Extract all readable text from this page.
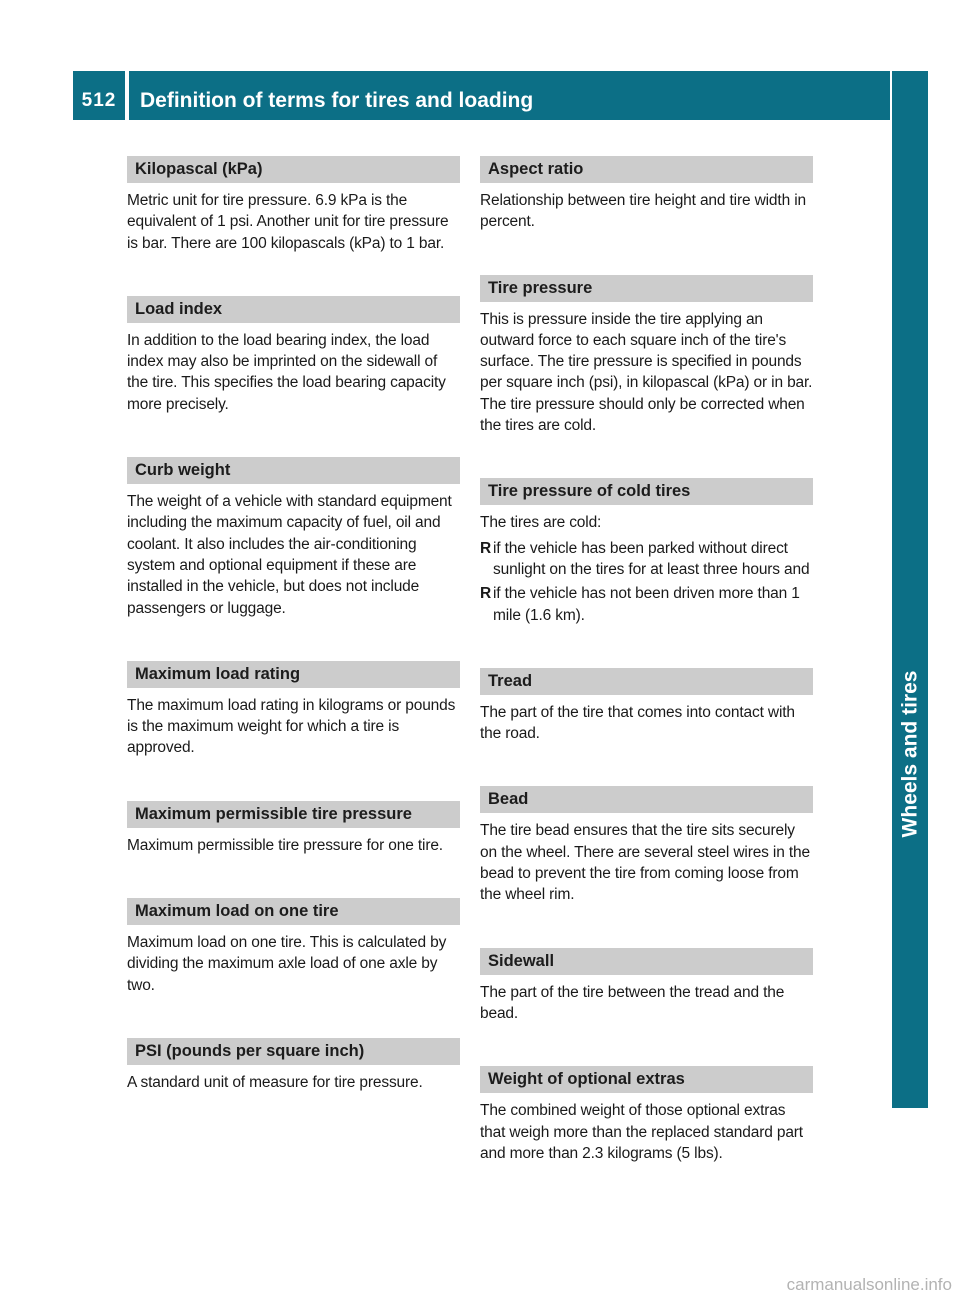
512	Definition of terms for tires and loading
Wheels and tires
Kilopascal (kPa)

Metric unit for tire pressure. 6.9 kPa is the equivalent of 1 psi. Another unit for tire pressure is bar. There are 100 kilopascals (kPa) to 1 bar.

Load index

In addition to the load bearing index, the load index may also be imprinted on the sidewall of the tire. This specifies the load bearing capacity more precisely.

Curb weight

The weight of a vehicle with standard equipment including the maximum capacity of fuel, oil and coolant. It also includes the air-conditioning system and optional equipment if these are installed in the vehicle, but does not include passengers or luggage.

Maximum load rating

The maximum load rating in kilograms or pounds is the maximum weight for which a tire is approved.

Maximum permissible tire pressure

Maximum permissible tire pressure for one tire.

Maximum load on one tire

Maximum load on one tire. This is calculated by dividing the maximum axle load of one axle by two.

PSI (pounds per square inch)

A standard unit of measure for tire pressure.

Aspect ratio

Relationship between tire height and tire width in percent.

Tire pressure

This is pressure inside the tire applying an outward force to each square inch of the tire's surface. The tire pressure is specified in pounds per square inch (psi), in kilopascal (kPa) or in bar. The tire pressure should only be corrected when the tires are cold.

Tire pressure of cold tires

The tires are cold:

R if the vehicle has been parked without direct sunlight on the tires for at least three hours and
R if the vehicle has not been driven more than 1 mile (1.6 km).
Tread

The part of the tire that comes into contact with the road.

Bead

The tire bead ensures that the tire sits securely on the wheel. There are several steel wires in the bead to prevent the tire from coming loose from the wheel rim.

Sidewall

The part of the tire between the tread and the bead.

Weight of optional extras

The combined weight of those optional extras that weigh more than the replaced standard part and more than 2.3 kilograms (5 lbs).

carmanualsonline.info
